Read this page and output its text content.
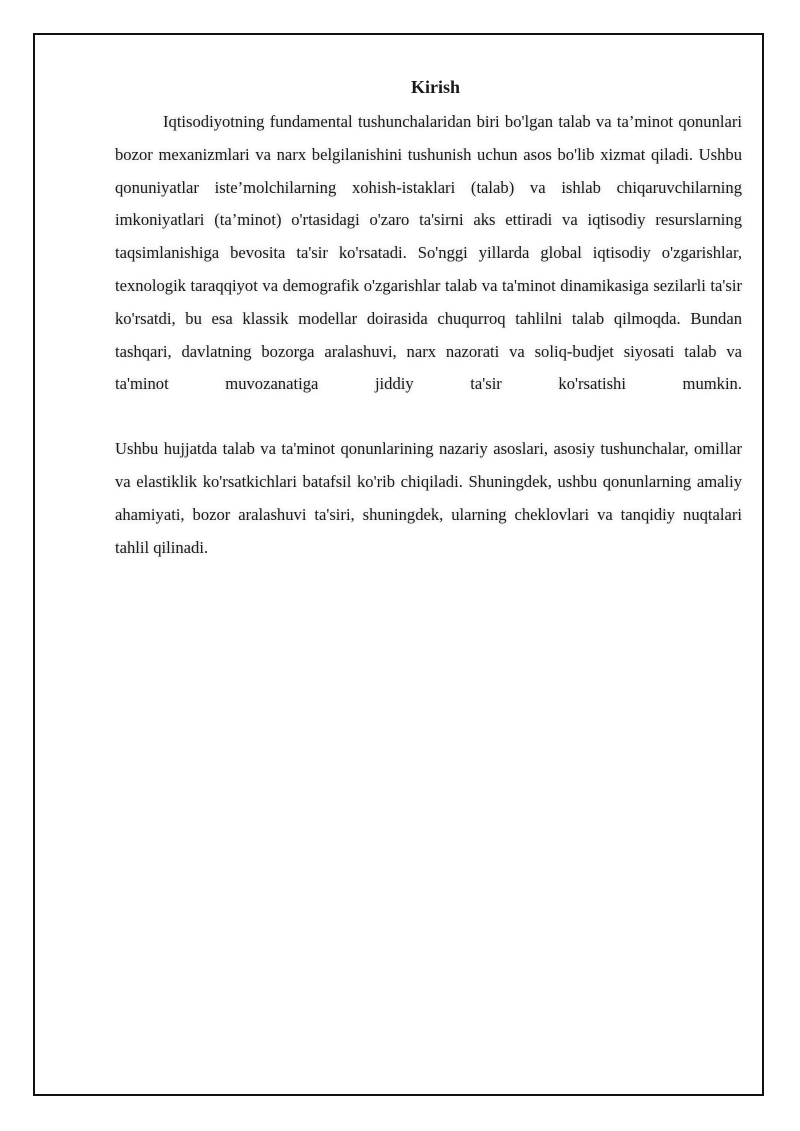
Kirish

Iqtisodiyotning fundamental tushunchalaridan biri bo'lgan talab va ta’minot qonunlari bozor mexanizmlari va narx belgilanishini tushunish uchun asos bo'lib xizmat qiladi. Ushbu qonuniyatlar iste’molchilarning xohish-istaklari (talab) va ishlab chiqaruvchilarning imkoniyatlari (ta’minot) o'rtasidagi o'zaro ta'sirni aks ettiradi va iqtisodiy resurslarning taqsimlanishiga bevosita ta'sir ko'rsatadi. So'nggi yillarda global iqtisodiy o'zgarishlar, texnologik taraqqiyot va demografik o'zgarishlar talab va ta'minot dinamikasiga sezilarli ta'sir ko'rsatdi, bu esa klassik modellar doirasida chuqurroq tahlilni talab qilmoqda. Bundan tashqari, davlatning bozorga aralashuvi, narx nazorati va soliq-budjet siyosati talab va ta'minot muvozanatiga jiddiy ta'sir ko'rsatishi mumkin.

Ushbu hujjatda talab va ta'minot qonunlarining nazariy asoslari, asosiy tushunchalar, omillar va elastiklik ko'rsatkichlari batafsil ko'rib chiqiladi. Shuningdek, ushbu qonunlarning amaliy ahamiyati, bozor aralashuvi ta'siri, shuningdek, ularning cheklovlari va tanqidiy nuqtalari tahlil qilinadi.
